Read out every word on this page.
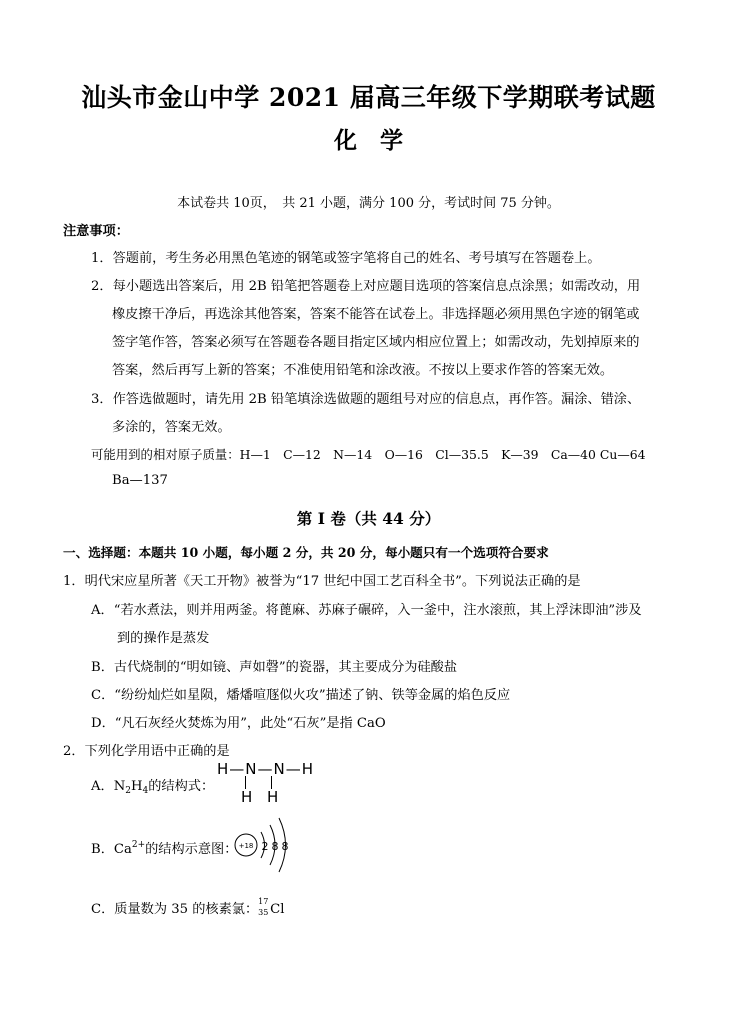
汕头市金山中学 2021 届高三年级下学期联考试题
化　学
本试卷共 10页，　共 21 小题，满分 100 分，考试时间 75 分钟。
注意事项：
1．答题前，考生务必用黑色笔迹的钢笔或签字笔将自己的姓名、考号填写在答题卷上。
2．每小题选出答案后，用 2B 铅笔把答题卷上对应题目选项的答案信息点涂黑；如需改动，用
橡皮擦干净后，再选涂其他答案，答案不能答在试卷上。非选择题必须用黑色字迹的钢笔或
签字笔作答，答案必须写在答题卷各题目指定区域内相应位置上；如需改动，先划掉原来的
答案，然后再写上新的答案；不准使用铅笔和涂改液。不按以上要求作答的答案无效。
3．作答选做题时，请先用 2B 铅笔填涂选做题的题组号对应的信息点，再作答。漏涂、错涂、
多涂的，答案无效。
可能用到的相对原子质量：H—1　C—12　N—14　O—16　Cl—35.5　K—39　Ca—40 Cu—64
Ba—137
第 I 卷（共 44 分）
一、选择题：本题共 10 小题，每小题 2 分，共 20 分，每小题只有一个选项符合要求
1．明代宋应星所著《天工开物》被誉为“17 世纪中国工艺百科全书”。下列说法正确的是
A．“若水煮法，则并用两釜。将蓖麻、苏麻子碾碎，入一釜中，注水滚煎，其上浮沫即油”涉及
到的操作是蒸发
B．古代烧制的“明如镜、声如磬”的瓷器，其主要成分为硅酸盐
C．“纷纷灿烂如星陨，燔燔喧豗似火攻”描述了钠、铁等金属的焰色反应
D．“凡石灰经火焚炼为用”，此处“石灰”是指 CaO
2．下列化学用语中正确的是
A．$N_2H_4$的结构式：
H—N—N—H
H H
B．$Ca^{2+}$的结构示意图： +18 2 8 8
C．质量数为 35 的核素氯：
17
35 Cl
